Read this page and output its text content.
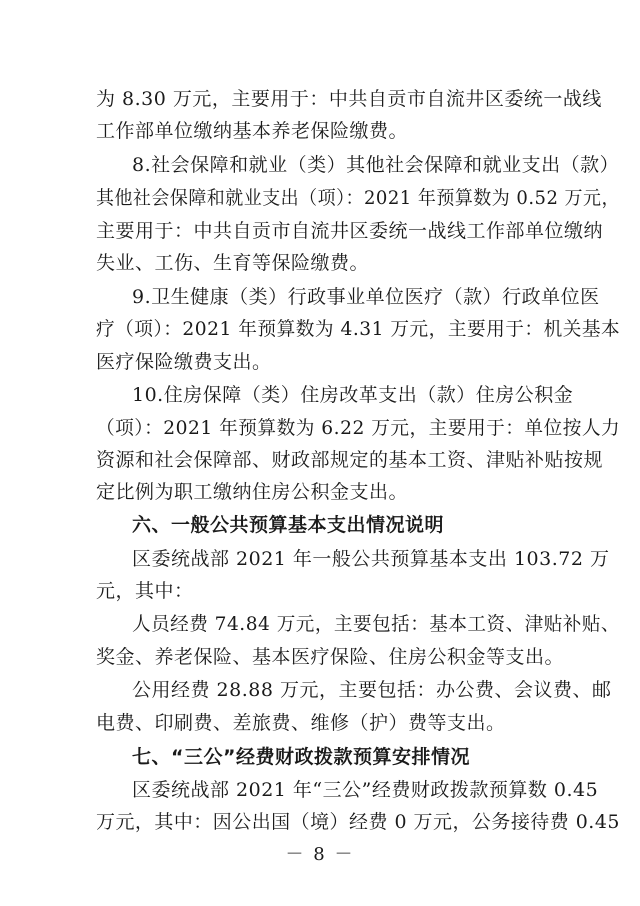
为 8.30 万元，主要用于：中共自贡市自流井区委统一战线
工作部单位缴纳基本养老保险缴费。
8.社会保障和就业（类）其他社会保障和就业支出（款）
其他社会保障和就业支出（项）：2021 年预算数为 0.52 万元，
主要用于：中共自贡市自流井区委统一战线工作部单位缴纳
失业、工伤、生育等保险缴费。
9.卫生健康（类）行政事业单位医疗（款）行政单位医
疗（项）：2021 年预算数为 4.31 万元，主要用于：机关基本
医疗保险缴费支出。
10.住房保障（类）住房改革支出（款）住房公积金
（项）：2021 年预算数为 6.22 万元，主要用于：单位按人力
资源和社会保障部、财政部规定的基本工资、津贴补贴按规
定比例为职工缴纳住房公积金支出。
六、一般公共预算基本支出情况说明
区委统战部 2021 年一般公共预算基本支出 103.72 万
元，其中：
人员经费 74.84 万元，主要包括：基本工资、津贴补贴、
奖金、养老保险、基本医疗保险、住房公积金等支出。
公用经费 28.88 万元，主要包括：办公费、会议费、邮
电费、印刷费、差旅费、维修（护）费等支出。
七、“三公”经费财政拨款预算安排情况
区委统战部 2021 年“三公”经费财政拨款预算数 0.45
万元，其中：因公出国（境）经费 0 万元，公务接待费 0.45
－ 8 －
